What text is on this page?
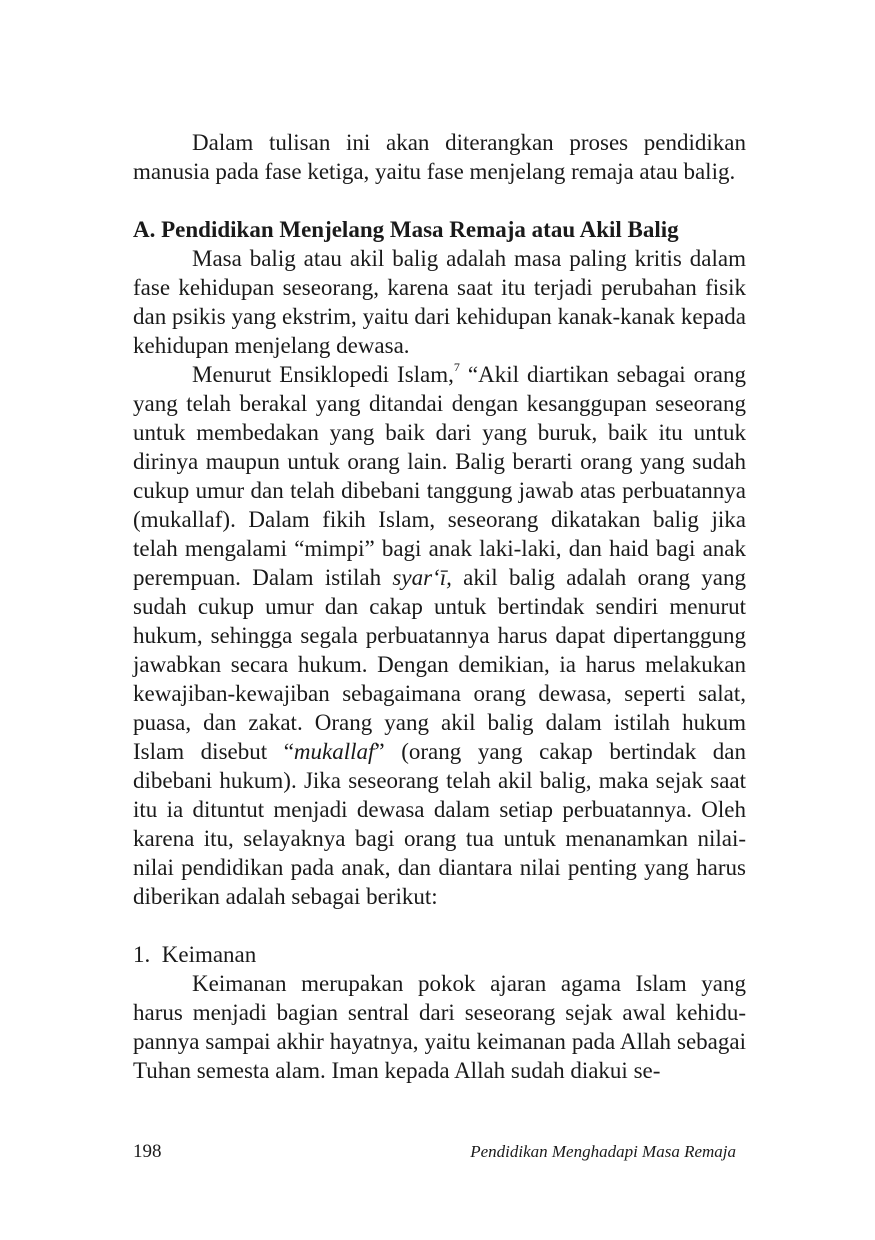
Dalam tulisan ini akan diterangkan proses pendidikan manusia pada fase ketiga, yaitu fase menjelang remaja atau balig.

A. Pendidikan Menjelang Masa Remaja atau Akil Balig

Masa balig atau akil balig adalah masa paling kritis dalam fase kehidupan seseorang, karena saat itu terjadi perubahan fisik dan psikis yang ekstrim, yaitu dari kehidupan kanak-kanak kepada kehidupan menjelang dewasa.

Menurut Ensiklopedi Islam,$^7$ “Akil diartikan sebagai orang yang telah berakal yang ditandai dengan kesanggupan seseorang untuk membedakan yang baik dari yang buruk, baik itu untuk dirinya maupun untuk orang lain. Balig berarti orang yang sudah cukup umur dan telah dibebani tanggung jawab atas perbuatannya (mukallaf). Dalam fikih Islam, seseorang dikatakan balig jika telah mengalami “mimpi” bagi anak laki-laki, dan haid bagi anak perempuan. Dalam istilah syar‘ī, akil balig adalah orang yang sudah cukup umur dan cakap untuk bertindak sendiri menurut hukum, sehingga segala perbuatannya harus dapat dipertanggung jawabkan secara hukum. Dengan demikian, ia harus melakukan kewajiban-kewajiban sebagaimana orang dewasa, seperti salat, puasa, dan zakat. Orang yang akil balig dalam istilah hukum Islam disebut “mukallaf” (orang yang cakap bertindak dan dibebani hukum). Jika seseorang telah akil balig, maka sejak saat itu ia dituntut menjadi dewasa dalam setiap perbuatannya. Oleh karena itu, selayaknya bagi orang tua untuk menanamkan nilai-nilai pendidikan pada anak, dan diantara nilai penting yang harus diberikan adalah sebagai berikut:

1.  Keimanan

Keimanan merupakan pokok ajaran agama Islam yang harus menjadi bagian sentral dari seseorang sejak awal kehidupannya sampai akhir hayatnya, yaitu keimanan pada Allah sebagai Tuhan semesta alam. Iman kepada Allah sudah diakui se-

198	Pendidikan Menghadapi Masa Remaja
